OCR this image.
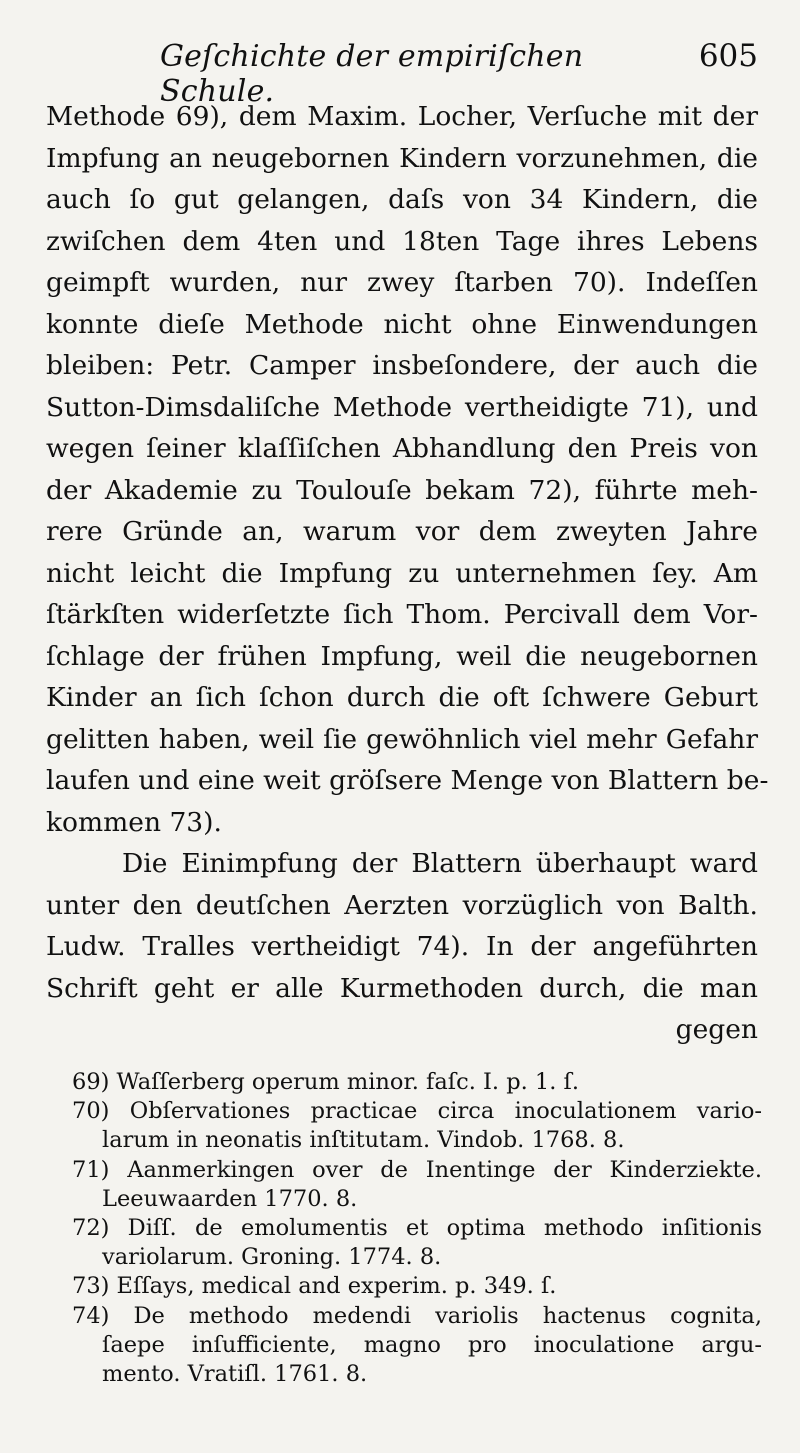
Geſchichte der empiriſchen Schule.
605
Methode 69), dem Maxim. Locher, Verſuche mit der
Impfung an neugebornen Kindern vorzunehmen, die
auch ſo gut gelangen, daſs von 34 Kindern, die
zwiſchen dem 4ten und 18ten Tage ihres Lebens
geimpft wurden, nur zwey ſtarben 70). Indeſſen
konnte dieſe Methode nicht ohne Einwendungen
bleiben: Petr. Camper insbeſondere, der auch die
Sutton-Dimsdaliſche Methode vertheidigte 71), und
wegen ſeiner klaſſiſchen Abhandlung den Preis von
der Akademie zu Toulouſe bekam 72), führte meh-
rere Gründe an, warum vor dem zweyten Jahre
nicht leicht die Impfung zu unternehmen ſey. Am
ſtärkſten widerſetzte ſich Thom. Percivall dem Vor-
ſchlage der frühen Impfung, weil die neugebornen
Kinder an ſich ſchon durch die oft ſchwere Geburt
gelitten haben, weil ſie gewöhnlich viel mehr Gefahr
laufen und eine weit gröſsere Menge von Blattern be-
kommen 73).
Die Einimpfung der Blattern überhaupt ward
unter den deutſchen Aerzten vorzüglich von Balth.
Ludw. Tralles vertheidigt 74). In der angeführten
Schrift geht er alle Kurmethoden durch, die man
gegen
69) Waſſerberg operum minor. faſc. I. p. 1. ſ.
70) Obſervationes practicae circa inoculationem vario-
larum in neonatis inſtitutam. Vindob. 1768. 8.
71) Aanmerkingen over de Inentinge der Kinderziekte.
Leeuwaarden 1770. 8.
72) Diſſ. de emolumentis et optima methodo inſitionis
variolarum. Groning. 1774. 8.
73) Eſſays, medical and experim. p. 349. ſ.
74) De methodo medendi variolis hactenus cognita,
ſaepe inſufficiente, magno pro inoculatione argu-
mento. Vratiſl. 1761. 8.
